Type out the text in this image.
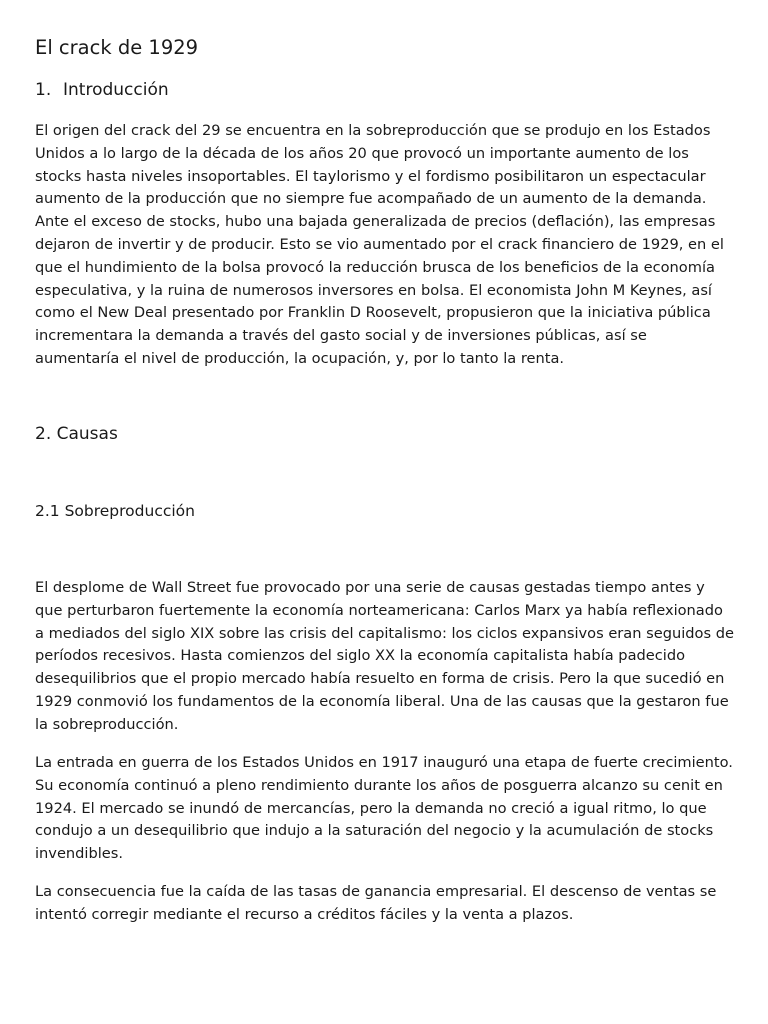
El crack de 1929
1. Introducción

El origen del crack del 29 se encuentra en la sobreproducción que se produjo en los Estados Unidos a lo largo de la década de los años 20 que provocó un importante aumento de los stocks hasta niveles insoportables. El taylorismo y el fordismo posibilitaron un espectacular aumento de la producción que no siempre fue acompañado de un aumento de la demanda. Ante el exceso de stocks, hubo una bajada generalizada de precios (deflación), las empresas dejaron de invertir y de producir. Esto se vio aumentado por el crack financiero de 1929, en el que el hundimiento de la bolsa provocó la reducción brusca de los beneficios de la economía especulativa, y la ruina de numerosos inversores en bolsa. El economista John M Keynes, así como el New Deal presentado por Franklin D Roosevelt, propusieron que la iniciativa pública incrementara la demanda a través del gasto social y de inversiones públicas, así se aumentaría el nivel de producción, la ocupación, y, por lo tanto la renta.

2. Causas
2.1 Sobreproducción

El desplome de Wall Street fue provocado por una serie de causas gestadas tiempo antes y que perturbaron fuertemente la economía norteamericana: Carlos Marx ya había reflexionado a mediados del siglo XIX sobre las crisis del capitalismo: los ciclos expansivos eran seguidos de períodos recesivos. Hasta comienzos del siglo XX la economía capitalista había padecido desequilibrios que el propio mercado había resuelto en forma de crisis. Pero la que sucedió en 1929 conmovió los fundamentos de la economía liberal. Una de las causas que la gestaron fue la sobreproducción.

La entrada en guerra de los Estados Unidos en 1917 inauguró una etapa de fuerte crecimiento. Su economía continuó a pleno rendimiento durante los años de posguerra alcanzo su cenit en 1924. El mercado se inundó de mercancías, pero la demanda no creció a igual ritmo, lo que condujo a un desequilibrio que indujo a la saturación del negocio y la acumulación de stocks invendibles.

La consecuencia fue la caída de las tasas de ganancia empresarial. El descenso de ventas se intentó corregir mediante el recurso a créditos fáciles y la venta a plazos.
